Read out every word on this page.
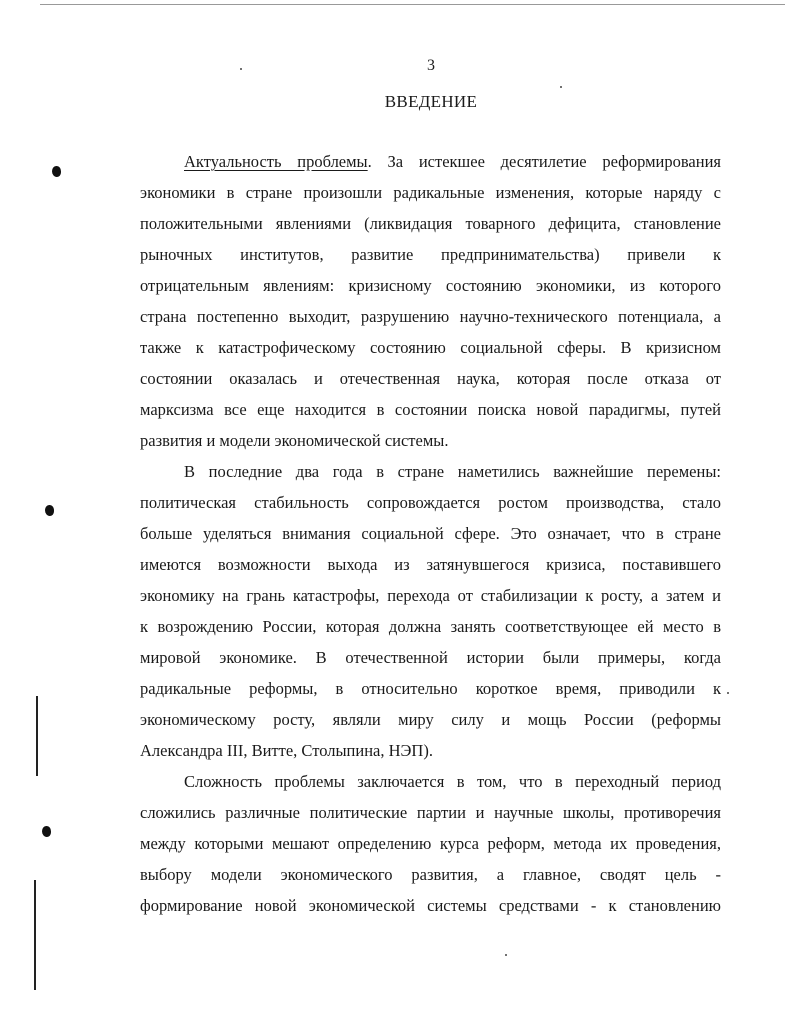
3
ВВЕДЕНИЕ
Актуальность проблемы. За истекшее десятилетие реформирования
экономики в стране произошли радикальные изменения, которые наряду с
положительными явлениями (ликвидация товарного дефицита, становление
рыночных институтов, развитие предпринимательства) привели к
отрицательным явлениям: кризисному состоянию экономики, из которого
страна постепенно выходит, разрушению научно-технического потенциала, а
также к катастрофическому состоянию социальной сферы. В кризисном
состоянии оказалась и отечественная наука, которая после отказа от
марксизма все еще находится в состоянии поиска новой парадигмы, путей
развития и модели экономической системы.
В последние два года в стране наметились важнейшие перемены:
политическая стабильность сопровождается ростом производства, стало
больше уделяться внимания социальной сфере. Это означает, что в стране
имеются возможности выхода из затянувшегося кризиса, поставившего
экономику на грань катастрофы, перехода от стабилизации к росту, а затем и
к возрождению России, которая должна занять соответствующее ей место в
мировой экономике. В отечественной истории были примеры, когда
радикальные реформы, в относительно короткое время, приводили к
экономическому росту, являли миру силу и мощь России (реформы
Александра III, Витте, Столыпина, НЭП).
Сложность проблемы заключается в том, что в переходный период
сложились различные политические партии и научные школы, противоречия
между которыми мешают определению курса реформ, метода их проведения,
выбору модели экономического развития, а главное, сводят цель -
формирование новой экономической системы средствами - к становлению
